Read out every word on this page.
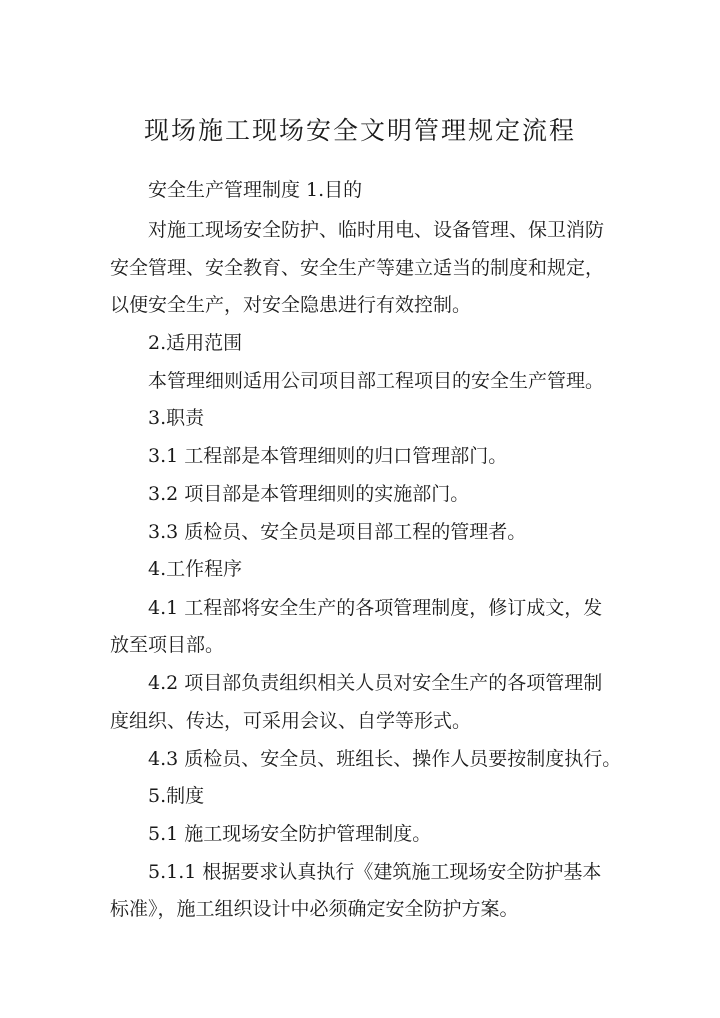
现场施工现场安全文明管理规定流程
安全生产管理制度 1.目的
对施工现场安全防护、临时用电、设备管理、保卫消防
安全管理、安全教育、安全生产等建立适当的制度和规定，
以便安全生产，对安全隐患进行有效控制。
2.适用范围
本管理细则适用公司项目部工程项目的安全生产管理。
3.职责
3.1 工程部是本管理细则的归口管理部门。
3.2 项目部是本管理细则的实施部门。
3.3 质检员、安全员是项目部工程的管理者。
4.工作程序
4.1 工程部将安全生产的各项管理制度，修订成文，发
放至项目部。
4.2 项目部负责组织相关人员对安全生产的各项管理制
度组织、传达，可采用会议、自学等形式。
4.3 质检员、安全员、班组长、操作人员要按制度执行。
5.制度
5.1 施工现场安全防护管理制度。
5.1.1 根据要求认真执行《建筑施工现场安全防护基本
标准》，施工组织设计中必须确定安全防护方案。
